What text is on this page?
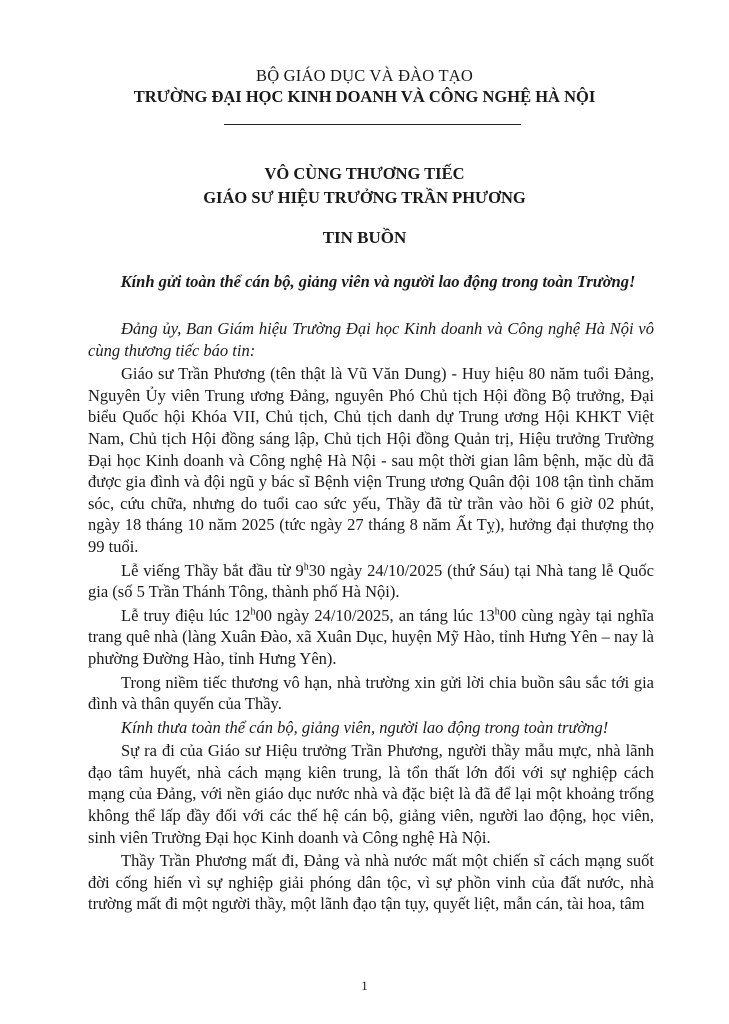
BỘ GIÁO DỤC VÀ ĐÀO TẠO
TRƯỜNG ĐẠI HỌC KINH DOANH VÀ CÔNG NGHỆ HÀ NỘI
VÔ CÙNG THƯƠNG TIẾC
GIÁO SƯ HIỆU TRƯỞNG TRẦN PHƯƠNG
TIN BUỒN
Kính gửi toàn thể cán bộ, giảng viên và người lao động trong toàn Trường!

Đảng ủy, Ban Giám hiệu Trường Đại học Kinh doanh và Công nghệ Hà Nội vô cùng thương tiếc báo tin:

Giáo sư Trần Phương (tên thật là Vũ Văn Dung) - Huy hiệu 80 năm tuổi Đảng, Nguyên Ủy viên Trung ương Đảng, nguyên Phó Chủ tịch Hội đồng Bộ trưởng, Đại biểu Quốc hội Khóa VII, Chủ tịch, Chủ tịch danh dự Trung ương Hội KHKT Việt Nam, Chủ tịch Hội đồng sáng lập, Chủ tịch Hội đồng Quản trị, Hiệu trưởng Trường Đại học Kinh doanh và Công nghệ Hà Nội - sau một thời gian lâm bệnh, mặc dù đã được gia đình và đội ngũ y bác sĩ Bệnh viện Trung ương Quân đội 108 tận tình chăm sóc, cứu chữa, nhưng do tuổi cao sức yếu, Thầy đã từ trần vào hồi 6 giờ 02 phút, ngày 18 tháng 10 năm 2025 (tức ngày 27 tháng 8 năm Ất Tỵ), hưởng đại thượng thọ 99 tuổi.

Lễ viếng Thầy bắt đầu từ 9$^h$30 ngày 24/10/2025 (thứ Sáu) tại Nhà tang lễ Quốc gia (số 5 Trần Thánh Tông, thành phố Hà Nội).

Lễ truy điệu lúc 12$^h$00 ngày 24/10/2025, an táng lúc 13$^h$00 cùng ngày tại nghĩa trang quê nhà (làng Xuân Đào, xã Xuân Dục, huyện Mỹ Hào, tỉnh Hưng Yên – nay là phường Đường Hào, tỉnh Hưng Yên).

Trong niềm tiếc thương vô hạn, nhà trường xin gửi lời chia buồn sâu sắc tới gia đình và thân quyến của Thầy.

Kính thưa toàn thể cán bộ, giảng viên, người lao động trong toàn trường!

Sự ra đi của Giáo sư Hiệu trưởng Trần Phương, người thầy mẫu mực, nhà lãnh đạo tâm huyết, nhà cách mạng kiên trung, là tổn thất lớn đối với sự nghiệp cách mạng của Đảng, với nền giáo dục nước nhà và đặc biệt là đã để lại một khoảng trống không thể lấp đầy đối với các thế hệ cán bộ, giảng viên, người lao động, học viên, sinh viên Trường Đại học Kinh doanh và Công nghệ Hà Nội.

Thầy Trần Phương mất đi, Đảng và nhà nước mất một chiến sĩ cách mạng suốt đời cống hiến vì sự nghiệp giải phóng dân tộc, vì sự phồn vinh của đất nước, nhà trường mất đi một người thầy, một lãnh đạo tận tụy, quyết liệt, mẫn cán, tài hoa, tâm

1
